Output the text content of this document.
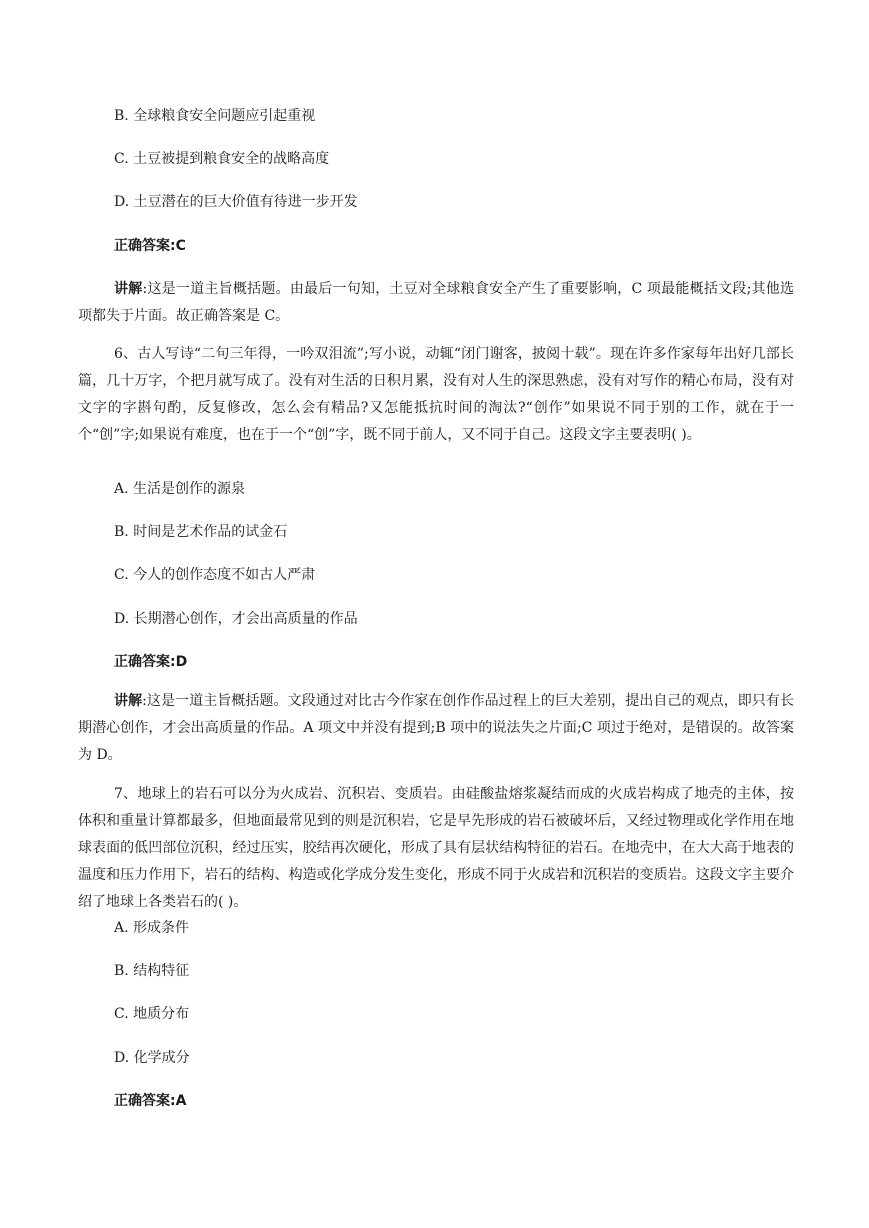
B. 全球粮食安全问题应引起重视
C. 土豆被提到粮食安全的战略高度
D. 土豆潜在的巨大价值有待进一步开发
正确答案:C
讲解:这是一道主旨概括题。由最后一句知，土豆对全球粮食安全产生了重要影响，C 项最能概括文段;其他选项都失于片面。故正确答案是 C。
6、古人写诗“二句三年得，一吟双泪流”;写小说，动辄“闭门谢客，披阅十载”。现在许多作家每年出好几部长篇，几十万字，个把月就写成了。没有对生活的日积月累，没有对人生的深思熟虑，没有对写作的精心布局，没有对文字的字斟句酌，反复修改，怎么会有精品?又怎能抵抗时间的淘汰?“创作”如果说不同于别的工作，就在于一个“创”字;如果说有难度，也在于一个“创”字，既不同于前人，又不同于自己。这段文字主要表明( )。
A. 生活是创作的源泉
B. 时间是艺术作品的试金石
C. 今人的创作态度不如古人严肃
D. 长期潜心创作，才会出高质量的作品
正确答案:D
讲解:这是一道主旨概括题。文段通过对比古今作家在创作作品过程上的巨大差别，提出自己的观点，即只有长期潜心创作，才会出高质量的作品。A 项文中并没有提到;B 项中的说法失之片面;C 项过于绝对，是错误的。故答案为 D。
7、地球上的岩石可以分为火成岩、沉积岩、变质岩。由硅酸盐熔浆凝结而成的火成岩构成了地壳的主体，按体积和重量计算都最多，但地面最常见到的则是沉积岩，它是早先形成的岩石被破坏后，又经过物理或化学作用在地球表面的低凹部位沉积，经过压实，胶结再次硬化，形成了具有层状结构特征的岩石。在地壳中，在大大高于地表的温度和压力作用下，岩石的结构、构造或化学成分发生变化，形成不同于火成岩和沉积岩的变质岩。这段文字主要介绍了地球上各类岩石的( )。
A. 形成条件
B. 结构特征
C. 地质分布
D. 化学成分
正确答案:A
